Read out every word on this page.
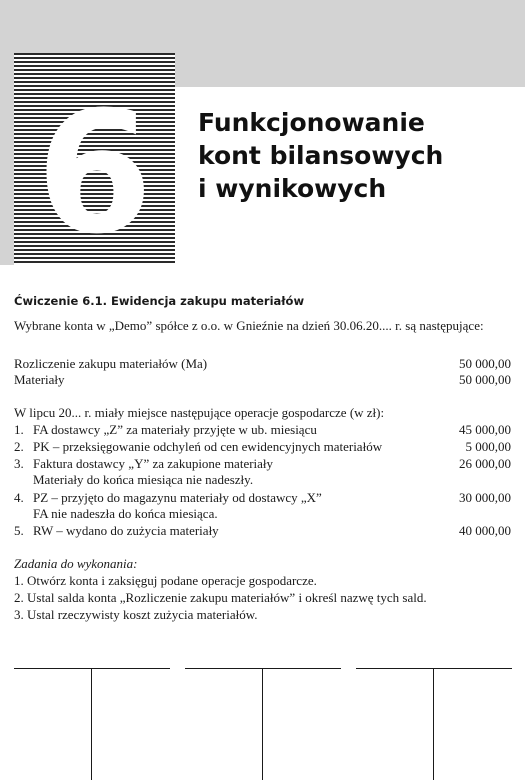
6	Funkcjonowanie
kont bilansowych
i wynikowych
Ćwiczenie 6.1. Ewidencja zakupu materiałów
Wybrane konta w „Demo” spółce z o.o. w Gnieźnie na dzień 30.06.20.... r. są następujące:
Rozliczenie zakupu materiałów (Ma)	50 000,00
Materiały	50 000,00
W lipcu 20... r. miały miejsce następujące operacje gospodarcze (w zł):
1. FA dostawcy „Z” za materiały przyjęte w ub. miesiącu	45 000,00
2. PK – przeksięgowanie odchyleń od cen ewidencyjnych materiałów	5 000,00
3. Faktura dostawcy „Y” za zakupione materiały	26 000,00
Materiały do końca miesiąca nie nadeszły.
4. PZ – przyjęto do magazynu materiały od dostawcy „X”	30 000,00
FA nie nadeszła do końca miesiąca.
5. RW – wydano do zużycia materiały	40 000,00
Zadania do wykonania:
1. Otwórz konta i zaksięguj podane operacje gospodarcze.
2. Ustal salda konta „Rozliczenie zakupu materiałów” i określ nazwę tych sald.
3. Ustal rzeczywisty koszt zużycia materiałów.
